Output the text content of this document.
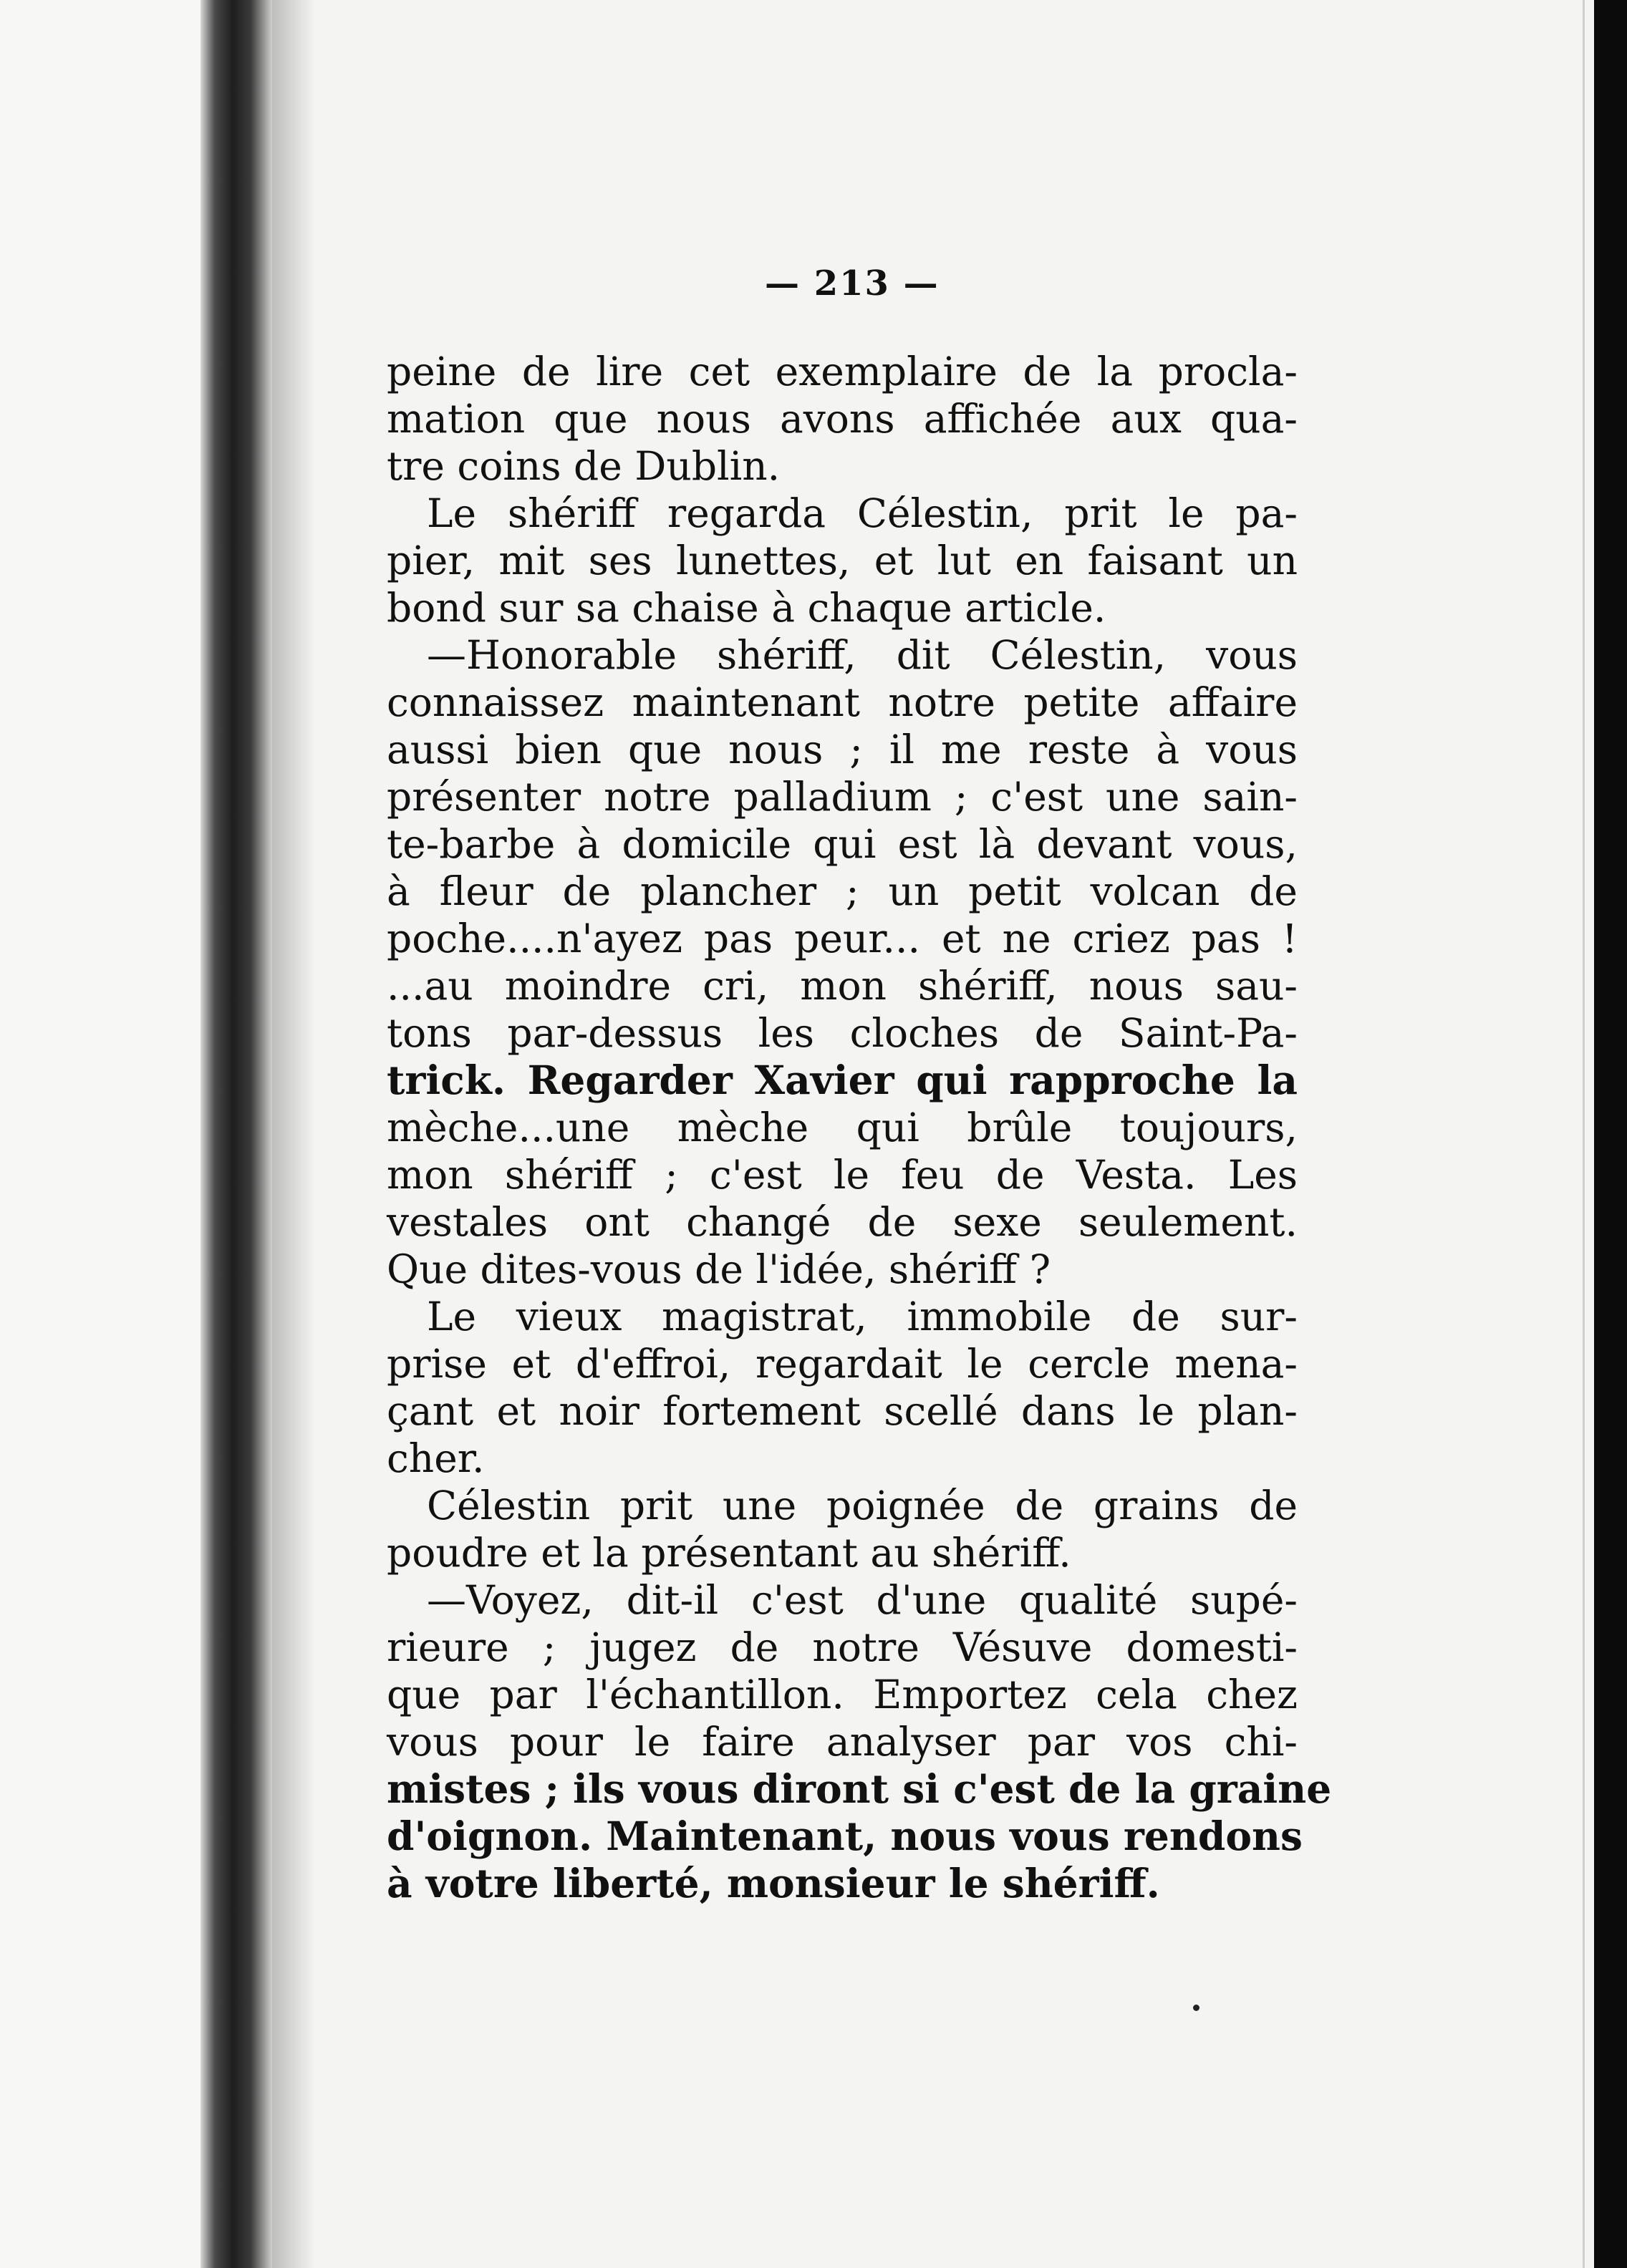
— 213 —
peine de lire cet exemplaire de la procla-
mation que nous avons affichée aux qua-
tre coins de Dublin.
Le shériff regarda Célestin, prit le pa-
pier, mit ses lunettes, et lut en faisant un
bond sur sa chaise à chaque article.
—Honorable shériff, dit Célestin, vous
connaissez maintenant notre petite affaire
aussi bien que nous ; il me reste à vous
présenter notre palladium ; c'est une sain-
te-barbe à domicile qui est là devant vous,
à fleur de plancher ; un petit volcan de
poche....n'ayez pas peur... et ne criez pas !
...au moindre cri, mon shériff, nous sau-
tons par-dessus les cloches de Saint-Pa-
trick. Regarder Xavier qui rapproche la
mèche...une mèche qui brûle toujours,
mon shériff ; c'est le feu de Vesta. Les
vestales ont changé de sexe seulement.
Que dites-vous de l'idée, shériff ?
Le vieux magistrat, immobile de sur-
prise et d'effroi, regardait le cercle mena-
çant et noir fortement scellé dans le plan-
cher.
Célestin prit une poignée de grains de
poudre et la présentant au shériff.
—Voyez, dit-il c'est d'une qualité supé-
rieure ; jugez de notre Vésuve domesti-
que par l'échantillon. Emportez cela chez
vous pour le faire analyser par vos chi-
mistes ; ils vous diront si c'est de la graine
d'oignon. Maintenant, nous vous rendons
à votre liberté, monsieur le shériff.
